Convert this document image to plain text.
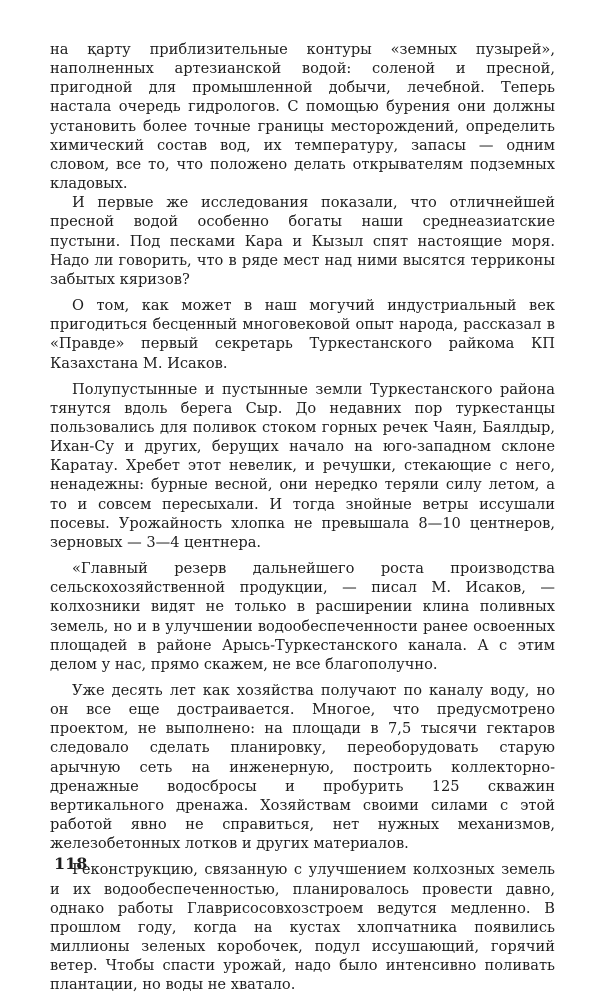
на қарту приблизительные контуры «земных пузырей», наполненных артезианской водой: соленой и пресной, пригодной для промышленной добычи, лечебной. Теперь настала очередь гидрологов. С помощью бурения они должны установить более точные границы месторождений, определить химический состав вод, их температуру, запасы — одним словом, все то, что положено делать открывателям подземных кладовых.

И первые же исследования показали, что отличнейшей пресной водой особенно богаты наши среднеазиатские пустыни. Под песками Кара и Кызыл спят настоящие моря. Надо ли говорить, что в ряде мест над ними высятся терриконы забытых кяризов?

О том, как может в наш могучий индустриальный век пригодиться бесценный многовековой опыт народа, рассказал в «Правде» первый секретарь Туркестанского райкома КП Казахстана М. Исаков.

Полупустынные и пустынные земли Туркестанского района тянутся вдоль берега Сыр. До недавних пор туркестанцы пользовались для поливок стоком горных речек Чаян, Баялдыр, Ихан-Су и других, берущих начало на юго-западном склоне Каратау. Хребет этот невелик, и речушки, стекающие с него, ненадежны: бурные весной, они нередко теряли силу летом, а то и совсем пересыхали. И тогда знойные ветры иссушали посевы. Урожайность хлопка не превышала 8—10 центнеров, зерновых — 3—4 центнера.

«Главный резерв дальнейшего роста производства сельскохозяйственной продукции, — писал М. Исаков, — колхозники видят не только в расширении клина поливных земель, но и в улучшении водообеспеченности ранее освоенных площадей в районе Арысь-Туркестанского канала. А с этим делом у нас, прямо скажем, не все благополучно.

Уже десять лет как хозяйства получают по каналу воду, но он все еще достраивается. Многое, что предусмотрено проектом, не выполнено: на площади в 7,5 тысячи гектаров следовало сделать планировку, переоборудовать старую арычную сеть на инженерную, построить коллекторно-дренажные водосбросы и пробурить 125 скважин вертикального дренажа. Хозяйствам своими силами с этой работой явно не справиться, нет нужных механизмов, железобетонных лотков и других материалов.

Реконструкцию, связанную с улучшением колхозных земель и их водообеспеченностью, планировалось провести давно, однако работы Главрисосовхозстроем ведутся медленно. В прошлом году, когда на кустах хлопчатника появились миллионы зеленых коробочек, подул иссушающий, горячий ветер. Чтобы спасти урожай, надо было интенсивно поливать плантации, но воды не хватало.

118
